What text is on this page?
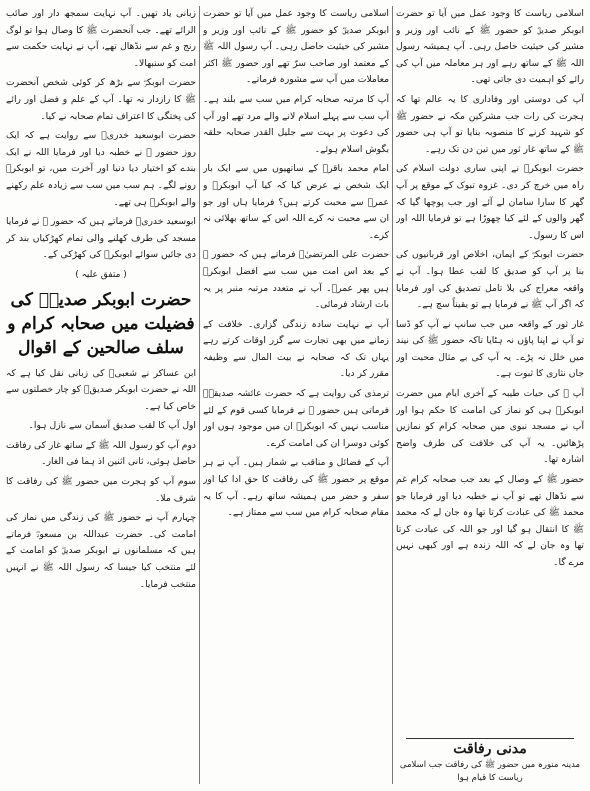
اسلامی ریاست کا وجود عمل میں آیا تو حضرت ابوبکر صدیقؓ کو حضور ﷺ کے نائب اور وزیر و مشیر کی حیثیت حاصل رہی۔ آپ ہمیشہ رسول اللہ ﷺ کے ساتھ رہے اور ہر معاملہ میں آپ کی رائے کو اہمیت دی جاتی تھی۔

آپ کی دوستی اور وفاداری کا یہ عالم تھا کہ ہجرت کی رات جب مشرکین مکہ نے حضور ﷺ کو شہید کرنے کا منصوبہ بنایا تو آپ ہی حضور ﷺ کے ساتھ غار ثور میں تین دن تک رہے۔

حضرت ابوبکرؓ نے اپنی ساری دولت اسلام کی راہ میں خرچ کر دی۔ غزوہ تبوک کے موقع پر آپ گھر کا سارا سامان لے آئے اور جب پوچھا گیا کہ گھر والوں کے لئے کیا چھوڑا ہے تو فرمایا اللہ اور اس کا رسول۔

حضرت ابوبکرؓ کے ایمان، اخلاص اور قربانیوں کی بنا پر آپ کو صدیق کا لقب عطا ہوا۔ آپ نے واقعہ معراج کی بلا تامل تصدیق کی اور فرمایا کہ اگر آپ ﷺ نے فرمایا ہے تو یقیناً سچ ہے۔

غار ثور کے واقعہ میں جب سانپ نے آپ کو ڈسا تو آپ نے اپنا پاؤں نہ ہٹایا تاکہ حضور ﷺ کی نیند میں خلل نہ پڑے۔ یہ آپ کی بے مثال محبت اور جاں نثاری کا ثبوت ہے۔

آپ ﷺ کی حیات طیبہ کے آخری ایام میں حضرت ابوبکرؓ ہی کو نماز کی امامت کا حکم ہوا اور آپ نے مسجد نبوی میں صحابہ کرام کو نمازیں پڑھائیں۔ یہ آپ کی خلافت کی طرف واضح اشارہ تھا۔

حضور ﷺ کے وصال کے بعد جب صحابہ کرام غم سے نڈھال تھے تو آپ نے خطبہ دیا اور فرمایا جو محمد ﷺ کی عبادت کرتا تھا وہ جان لے کہ محمد ﷺ کا انتقال ہو گیا اور جو اللہ کی عبادت کرتا تھا وہ جان لے کہ اللہ زندہ ہے اور کبھی نہیں مرے گا۔

اسلامی ریاست کا وجود عمل میں آیا تو حضرت ابوبکر صدیقؓ کو حضور ﷺ کے نائب اور وزیر و مشیر کی حیثیت حاصل رہی۔ آپ رسول اللہ ﷺ کے معتمد اور صاحب سرّ تھے اور حضور ﷺ اکثر معاملات میں آپ سے مشورہ فرماتے۔

آپ کا مرتبہ صحابہ کرام میں سب سے بلند ہے۔ آپ سب سے پہلے اسلام لانے والے مرد تھے اور آپ کی دعوت پر بہت سے جلیل القدر صحابہ حلقہ بگوش اسلام ہوئے۔

امام محمد باقرؒ کے ساتھیوں میں سے ایک بار ایک شخص نے عرض کیا کہ کیا آپ ابوبکرؓ و عمرؓ سے محبت کرتے ہیں؟ فرمایا ہاں اور جو ان سے محبت نہ کرے اللہ اس کے ساتھ بھلائی نہ کرے۔

حضرت علی المرتضیٰؓ فرماتے ہیں کہ حضور ﷺ کے بعد اس امت میں سب سے افضل ابوبکرؓ ہیں پھر عمرؓ۔ آپ نے متعدد مرتبہ منبر پر یہ بات ارشاد فرمائی۔

آپ نے نہایت سادہ زندگی گزاری۔ خلافت کے زمانے میں بھی تجارت سے گزر اوقات کرتے رہے یہاں تک کہ صحابہ نے بیت المال سے وظیفہ مقرر کر دیا۔

ترمذی کی روایت ہے کہ حضرت عائشہ صدیقہؓ فرماتی ہیں حضور ﷺ نے فرمایا کسی قوم کے لئے مناسب نہیں کہ ابوبکرؓ ان میں موجود ہوں اور کوئی دوسرا ان کی امامت کرے۔

آپ کے فضائل و مناقب بے شمار ہیں۔ آپ نے ہر موقع پر حضور ﷺ کی رفاقت کا حق ادا کیا اور سفر و حضر میں ہمیشہ ساتھ رہے۔ آپ کا یہ مقام صحابہ کرام میں سب سے ممتاز ہے۔

زبانی یاد تھیں۔ آپ نہایت سمجھ دار اور صائب الرائے تھے۔ جب آنحضرت ﷺ کا وصال ہوا تو لوگ رنج و غم سے نڈھال تھے، آپ نے نہایت حکمت سے امت کو سنبھالا۔

حضرت ابوبکرؓ سے بڑھ کر کوئی شخص آنحضرت ﷺ کا رازدار نہ تھا۔ آپ کے علم و فضل اور رائے کی پختگی کا اعتراف تمام صحابہ نے کیا۔

حضرت ابوسعید خدریؓ سے روایت ہے کہ ایک روز حضور ﷺ نے خطبہ دیا اور فرمایا اللہ نے ایک بندے کو اختیار دیا دنیا اور آخرت میں، تو ابوبکرؓ رونے لگے۔ ہم سب میں سب سے زیادہ علم رکھنے والے ابوبکرؓ ہی تھے۔

ابوسعید خدریؓ فرماتے ہیں کہ حضور ﷺ نے فرمایا مسجد کی طرف کھلنے والی تمام کھڑکیاں بند کر دی جائیں سوائے ابوبکرؓ کی کھڑکی کے۔

( متفق علیہ )

حضرت ابوبکر صدیقؓ کی فضیلت میں صحابہ کرام و سلف صالحین کے اقوال

ابن عساکر نے شعبیؒ کی زبانی نقل کیا ہے کہ اللہ نے حضرت ابوبکر صدیقؓ کو چار خصلتوں سے خاص کیا ہے۔

اول آپ کا لقب صدیق آسمان سے نازل ہوا۔

دوم آپ کو رسول اللہ ﷺ کے ساتھ غار کی رفاقت حاصل ہوئی، ثانی اثنین اذ ہما فی الغار۔

سوم آپ کو ہجرت میں حضور ﷺ کی رفاقت کا شرف ملا۔

چہارم آپ نے حضور ﷺ کی زندگی میں نماز کی امامت کی۔ حضرت عبداللہ بن مسعودؓ فرماتے ہیں کہ مسلمانوں نے ابوبکر صدیقؓ کو امامت کے لئے منتخب کیا جیسا کہ رسول اللہ ﷺ نے انہیں منتخب فرمایا۔

مدنی رفاقت
مدینہ منورہ میں حضور ﷺ کی رفاقت جب اسلامی ریاست کا قیام ہوا
